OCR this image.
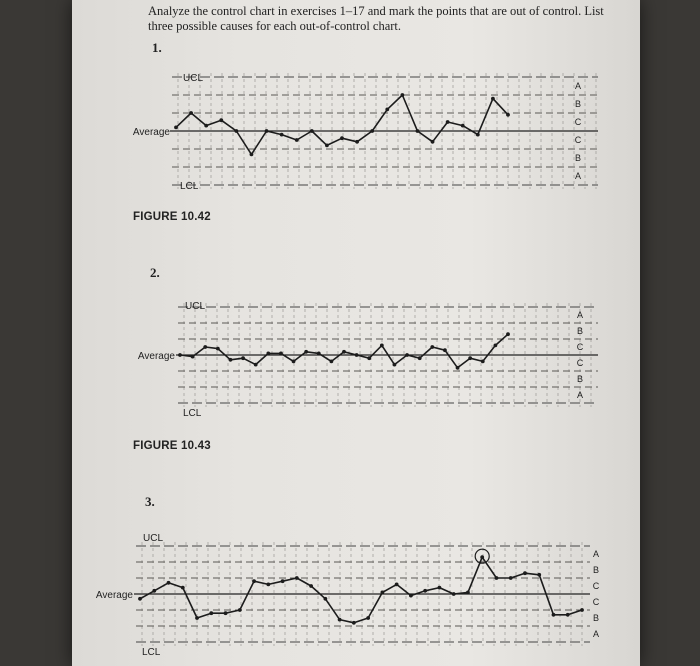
Analyze the control chart in exercises 1–17 and mark the points that are out of control. List three possible causes for each out-of-control chart.
1.
2.
3.
FIGURE 10.42
FIGURE 10.43
UCL
Average
LCL
A
B
C
C
B
A
UCL
Average
LCL
A
B
C
C
B
A
UCL
Average
LCL
A
B
C
C
B
A
